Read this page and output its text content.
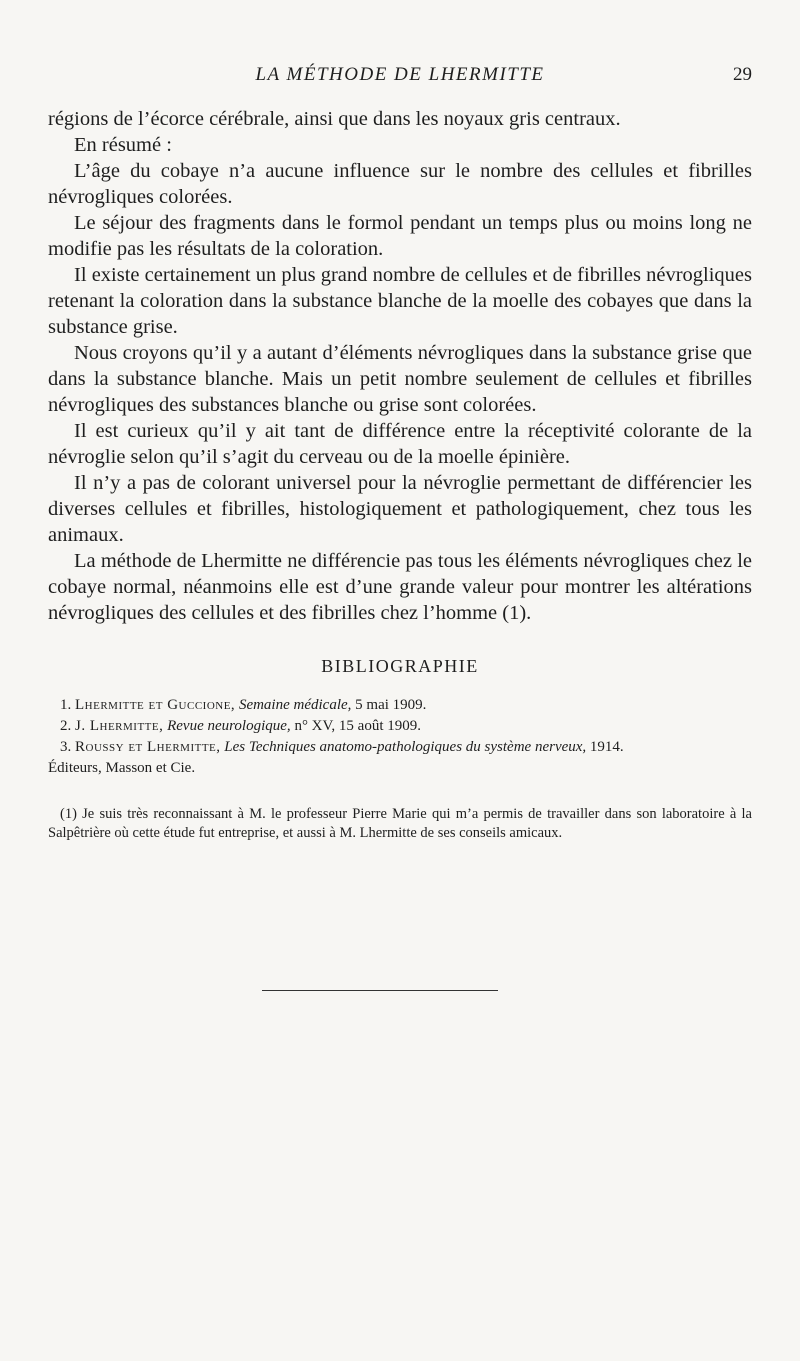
LA MÉTHODE DE LHERMITTE	29

régions de l’écorce cérébrale, ainsi que dans les noyaux gris centraux.

En résumé :

L’âge du cobaye n’a aucune influence sur le nombre des cellules et fibrilles névrogliques colorées.

Le séjour des fragments dans le formol pendant un temps plus ou moins long ne modifie pas les résultats de la coloration.

Il existe certainement un plus grand nombre de cellules et de fibrilles névrogliques retenant la coloration dans la substance blanche de la moelle des cobayes que dans la substance grise.

Nous croyons qu’il y a autant d’éléments névrogliques dans la substance grise que dans la substance blanche. Mais un petit nombre seulement de cellules et fibrilles névrogliques des substances blanche ou grise sont colorées.

Il est curieux qu’il y ait tant de différence entre la réceptivité colorante de la névroglie selon qu’il s’agit du cerveau ou de la moelle épinière.

Il n’y a pas de colorant universel pour la névroglie permettant de différencier les diverses cellules et fibrilles, histologiquement et pathologiquement, chez tous les animaux.

La méthode de Lhermitte ne différencie pas tous les éléments névrogliques chez le cobaye normal, néanmoins elle est d’une grande valeur pour montrer les altérations névrogliques des cellules et des fibrilles chez l’homme (1).

BIBLIOGRAPHIE

1. Lhermitte et Guccione, Semaine médicale, 5 mai 1909.

2. J. Lhermitte, Revue neurologique, n° XV, 15 août 1909.

3. Roussy et Lhermitte, Les Techniques anatomo-pathologiques du système nerveux, 1914.

Éditeurs, Masson et Cie.

(1) Je suis très reconnaissant à M. le professeur Pierre Marie qui m’a permis de travailler dans son laboratoire à la Salpêtrière où cette étude fut entreprise, et aussi à M. Lhermitte de ses conseils amicaux.
